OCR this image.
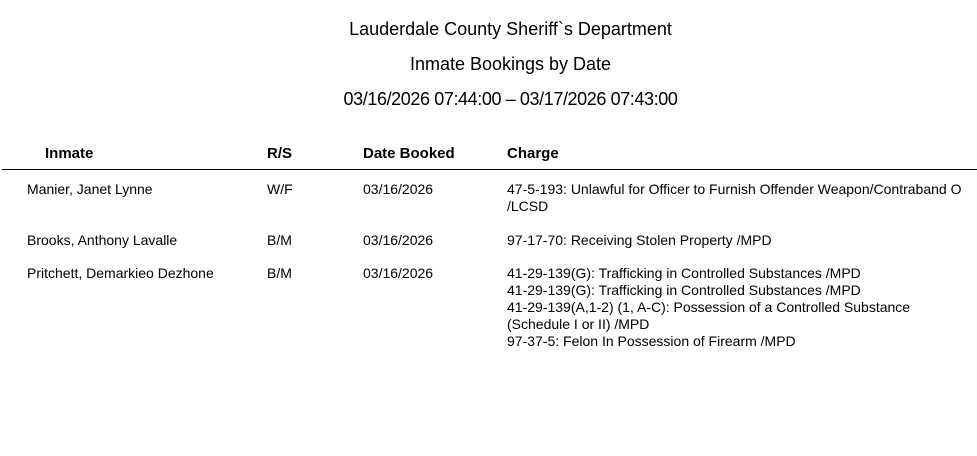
Lauderdale County Sheriff`s Department
Inmate Bookings by Date
03/16/2026 07:44:00 – 03/17/2026 07:43:00
Inmate	R/S	Date Booked	Charge
Manier, Janet Lynne	W/F	03/16/2026	47-5-193: Unlawful for Officer to Furnish Offender Weapon/Contraband O /LCSD
Brooks, Anthony Lavalle	B/M	03/16/2026	97-17-70: Receiving Stolen Property /MPD
Pritchett, Demarkieo Dezhone	B/M	03/16/2026	41-29-139(G): Trafficking in Controlled Substances /MPD
41-29-139(G): Trafficking in Controlled Substances /MPD
41-29-139(A,1-2) (1, A-C): Possession of a Controlled Substance (Schedule I or II) /MPD
97-37-5: Felon In Possession of Firearm /MPD
